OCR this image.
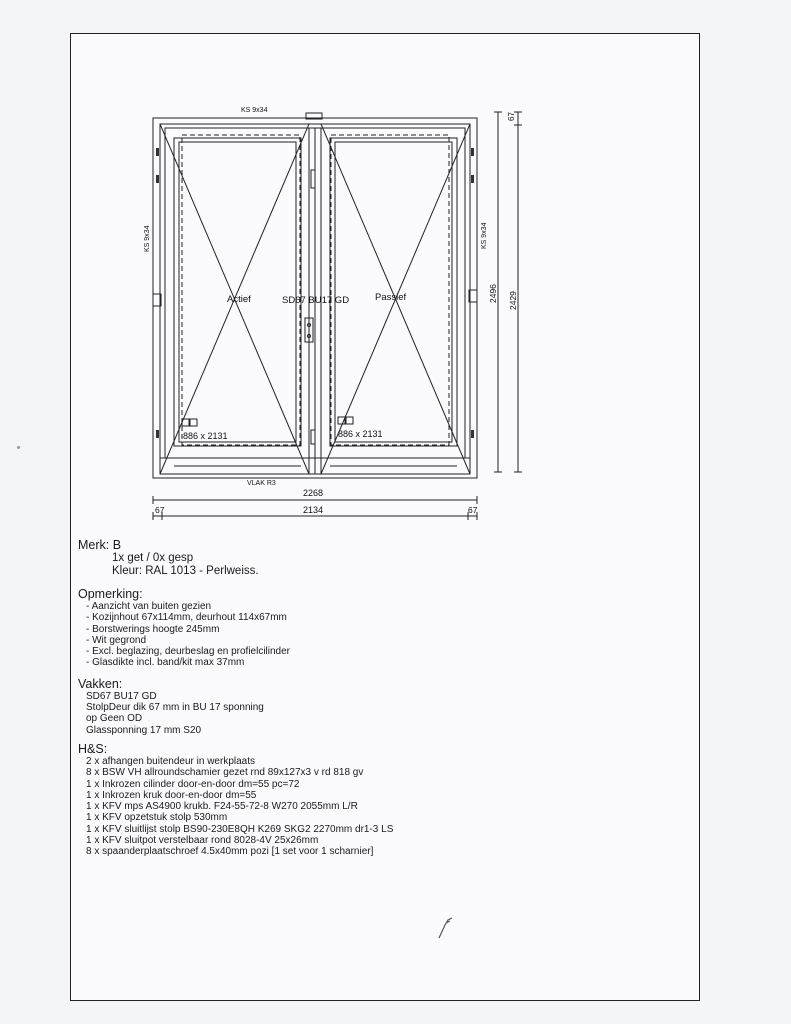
KS 9x34
KS 9x34	KS 9x34
VLAK R3
Actief	Passief
SD67 BU17 GD
886 x 2131	886 x 2131
67
2496 2429
2268
67	2134	67
Merk: B
1x get / 0x gesp
Kleur: RAL 1013 - Perlweiss.
Opmerking:
- Aanzicht van buiten gezien
- Kozijnhout 67x114mm, deurhout 114x67mm
- Borstwerings hoogte 245mm
- Wit gegrond
- Excl. beglazing, deurbeslag en profielcilinder
- Glasdikte incl. band/kit max 37mm
Vakken:
SD67 BU17 GD
StolpDeur dik 67 mm in BU 17 sponning
op Geen OD
Glassponning 17 mm S20
H&S:
2 x afhangen buitendeur in werkplaats
8 x BSW VH allroundschamier gezet rnd 89x127x3 v rd 818 gv
1 x Inkrozen cilinder door-en-door dm=55 pc=72
1 x Inkrozen kruk door-en-door dm=55
1 x KFV mps AS4900 krukb. F24-55-72-8 W270 2055mm L/R
1 x KFV opzetstuk stolp 530mm
1 x KFV sluitlijst stolp BS90-230E8QH K269 SKG2 2270mm dr1-3 LS
1 x KFV sluitpot verstelbaar rond 8028-4V 25x26mm
8 x spaanderplaatschroef 4.5x40mm pozi [1 set voor 1 scharnier]
